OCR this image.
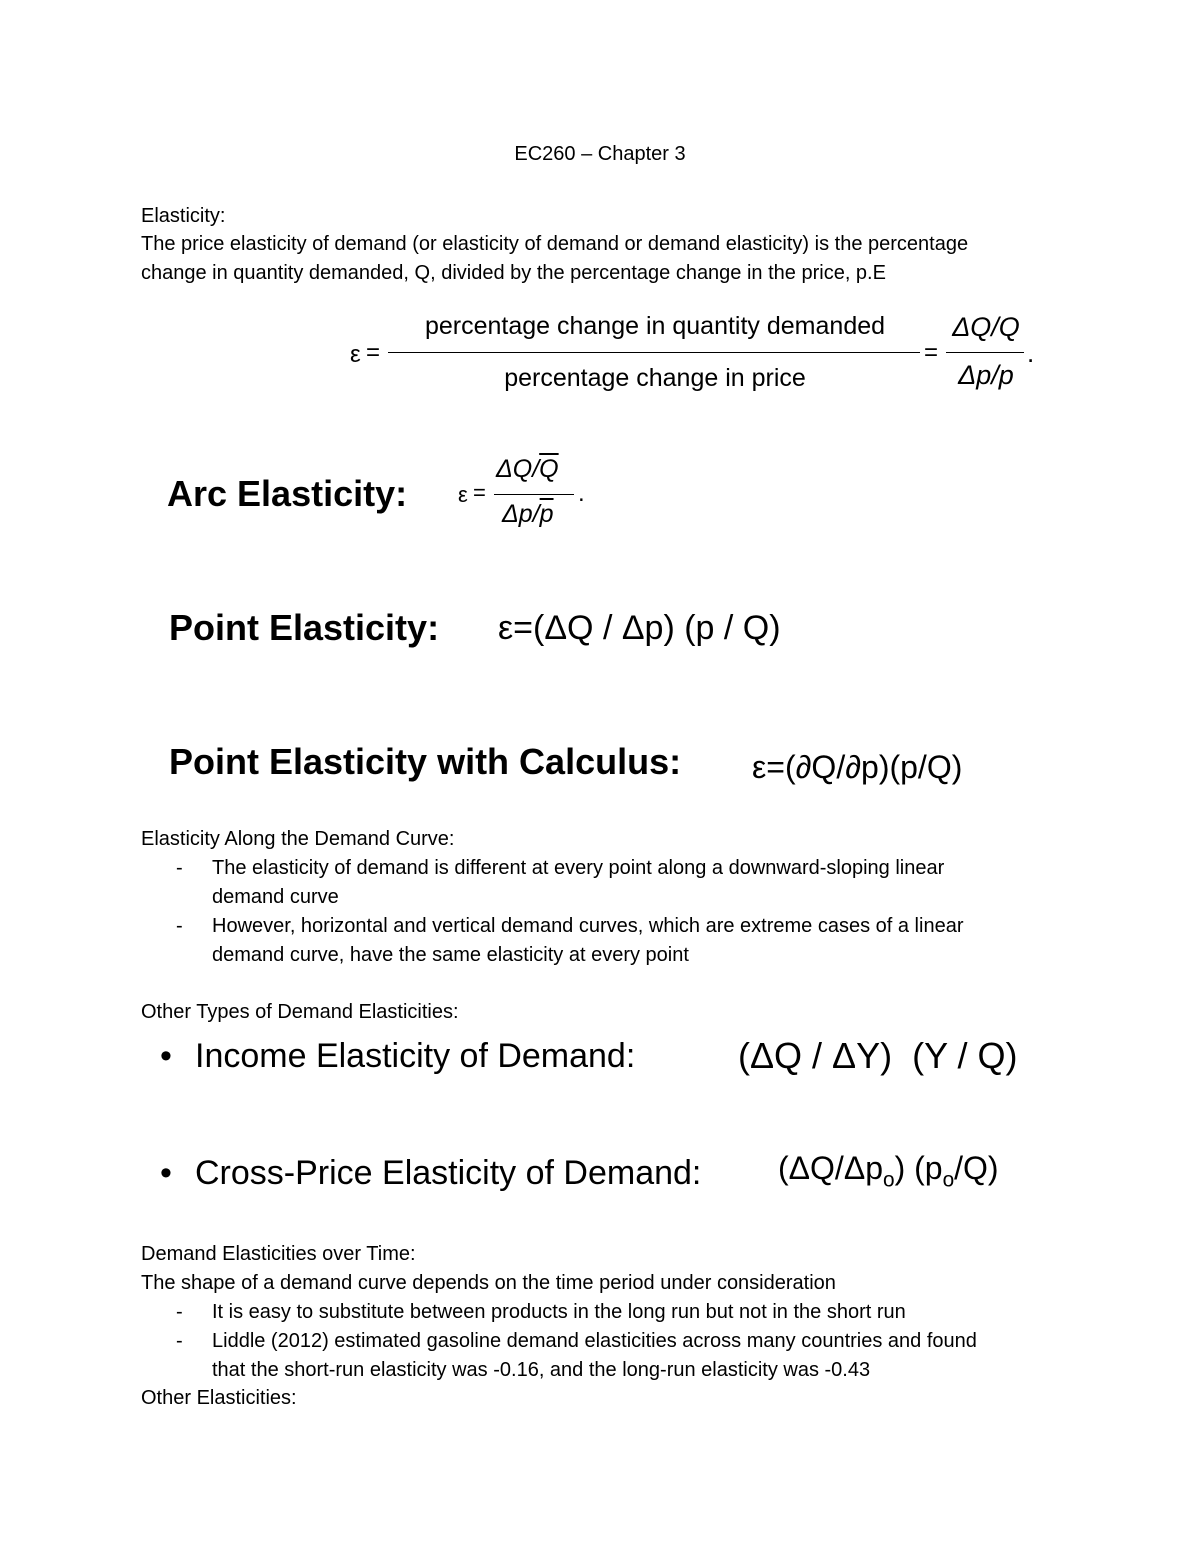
EC260 – Chapter 3
Elasticity:
The price elasticity of demand (or elasticity of demand or demand elasticity) is the percentage
change in quantity demanded, Q, divided by the percentage change in the price, p.E
ε =
percentage change in quantity demanded
percentage change in price
=
ΔQ/Q
Δp/p
.
Arc Elasticity: ε =
$\Delta Q/\overline{Q}$
$\Delta p/\overline{p}$
.
Point Elasticity: ε=(ΔQ / Δp) (p / Q)
Point Elasticity with Calculus: ε=(∂Q/∂p)(p/Q)
Elasticity Along the Demand Curve:
-	The elasticity of demand is different at every point along a downward-sloping linear
demand curve
-	However, horizontal and vertical demand curves, which are extreme cases of a linear
demand curve, have the same elasticity at every point
Other Types of Demand Elasticities:
• Income Elasticity of Demand:	(ΔQ / ΔY)  (Y / Q)
• Cross-Price Elasticity of Demand: $(\Delta Q/\Delta p_o)$ $(p_o/Q)$
Demand Elasticities over Time:
The shape of a demand curve depends on the time period under consideration
-	It is easy to substitute between products in the long run but not in the short run
-	Liddle (2012) estimated gasoline demand elasticities across many countries and found
that the short-run elasticity was -0.16, and the long-run elasticity was -0.43
Other Elasticities:
